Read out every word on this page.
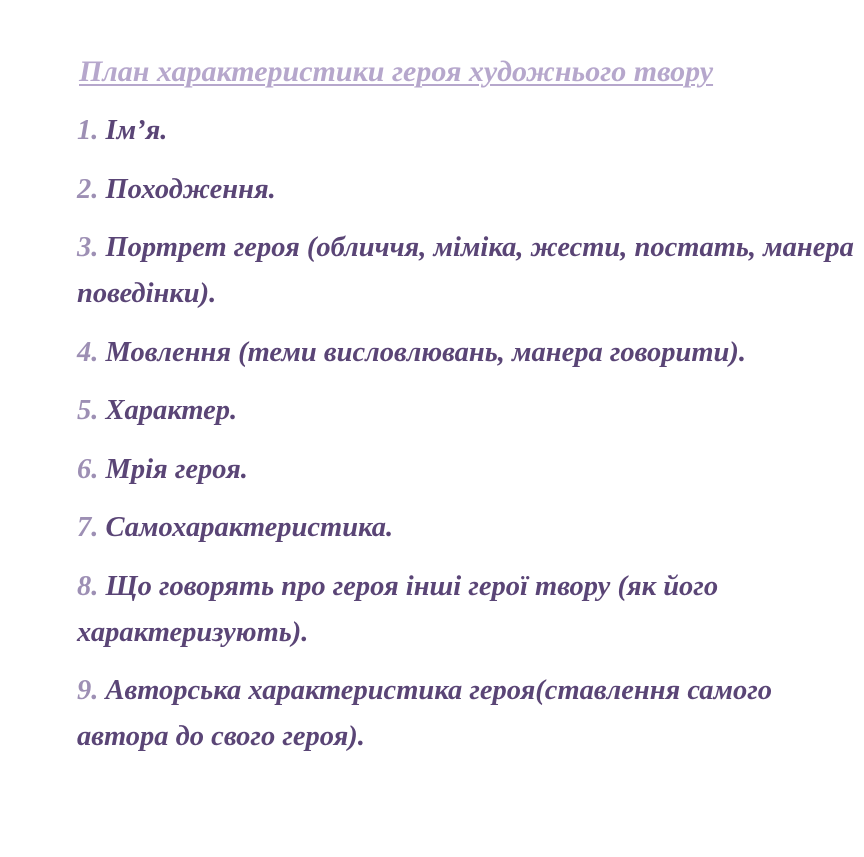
План характеристики героя художнього твору
1. Ім’я.
2. Походження.
3. Портрет героя (обличчя, міміка, жести, постать, манера поведінки).
4. Мовлення (теми висловлювань, манера говорити).
5. Характер.
6. Мрія героя.
7. Самохарактеристика.
8. Що говорять про героя інші герої твору (як його характеризують).
9. Авторська характеристика героя(ставлення самого автора до свого героя).
